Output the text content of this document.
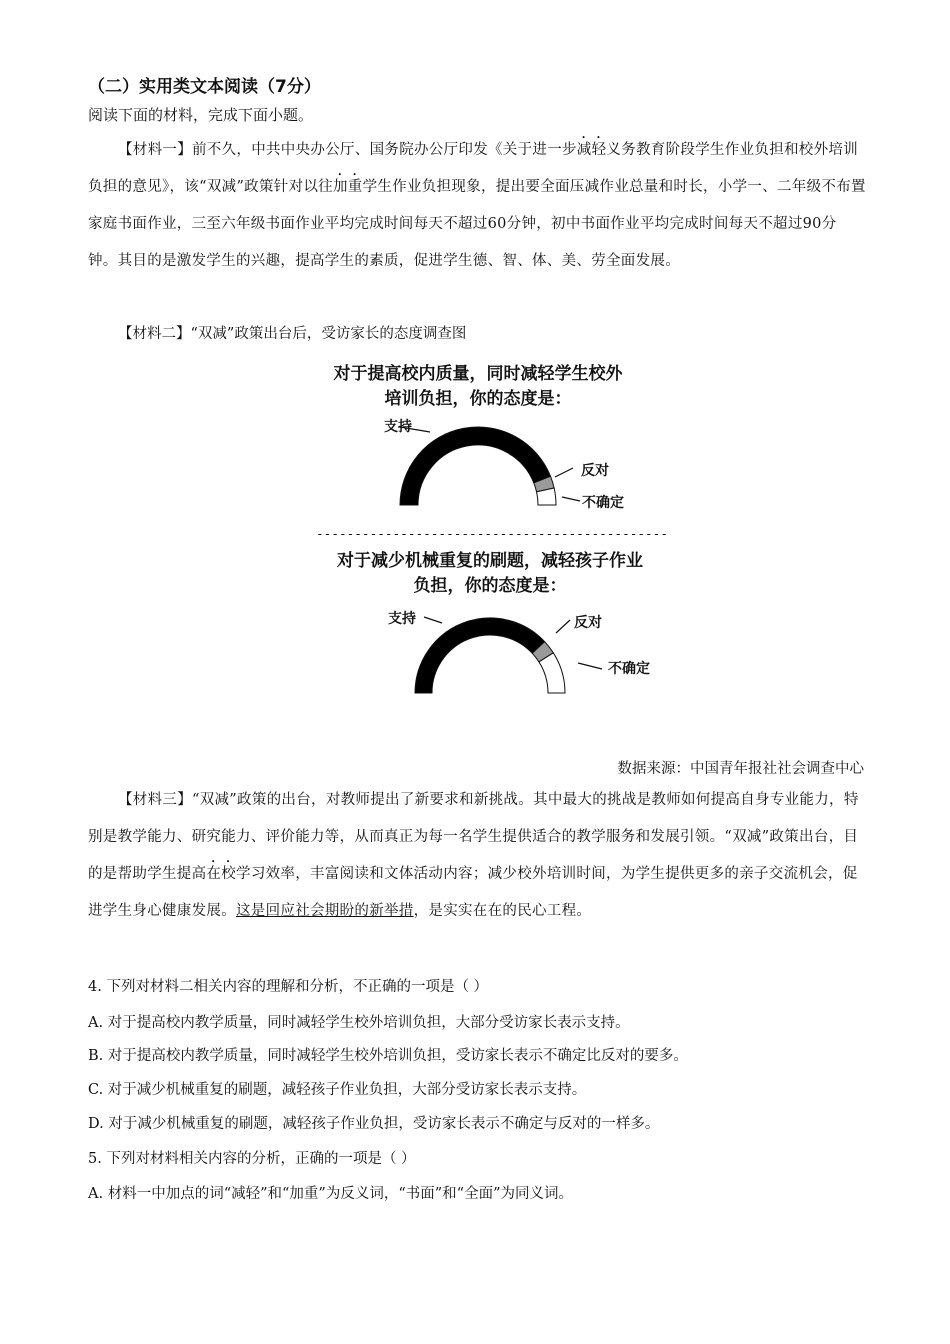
（二）实用类文本阅读（7分）
阅读下面的材料，完成下面小题。
【材料一】前不久，中共中央办公厅、国务院办公厅印发《关于进一步减轻义务教育阶段学生作业负担和校外培训负担的意见》，该“双减”政策针对以往加重学生作业负担现象，提出要全面压减作业总量和时长，小学一、二年级不布置家庭书面作业，三至六年级书面作业平均完成时间每天不超过60分钟，初中书面作业平均完成时间每天不超过90分钟。其目的是激发学生的兴趣，提高学生的素质，促进学生德、智、体、美、劳全面发展。
【材料二】“双减”政策出台后，受访家长的态度调查图
对于提高校内质量，同时减轻学生校外
培训负担，你的态度是：
支持
反对
不确定
----------------------------------------------
对于减少机械重复的刷题，减轻孩子作业
负担，你的态度是：
支持	反对
不确定
数据来源：中国青年报社社会调查中心
【材料三】“双减”政策的出台，对教师提出了新要求和新挑战。其中最大的挑战是教师如何提高自身专业能力，特别是教学能力、研究能力、评价能力等，从而真正为每一名学生提供适合的教学服务和发展引领。“双减”政策出台，目的是帮助学生提高在校学习效率，丰富阅读和文体活动内容；减少校外培训时间，为学生提供更多的亲子交流机会，促进学生身心健康发展。这是回应社会期盼的新举措，是实实在在的民心工程。
4. 下列对材料二相关内容的理解和分析，不正确的一项是（ ）
A. 对于提高校内教学质量，同时减轻学生校外培训负担，大部分受访家长表示支持。
B. 对于提高校内教学质量，同时减轻学生校外培训负担，受访家长表示不确定比反对的要多。
C. 对于减少机械重复的刷题，减轻孩子作业负担，大部分受访家长表示支持。
D. 对于减少机械重复的刷题，减轻孩子作业负担，受访家长表示不确定与反对的一样多。
5. 下列对材料相关内容的分析，正确的一项是（ ）
A. 材料一中加点的词“减轻”和“加重”为反义词，“书面”和“全面”为同义词。
